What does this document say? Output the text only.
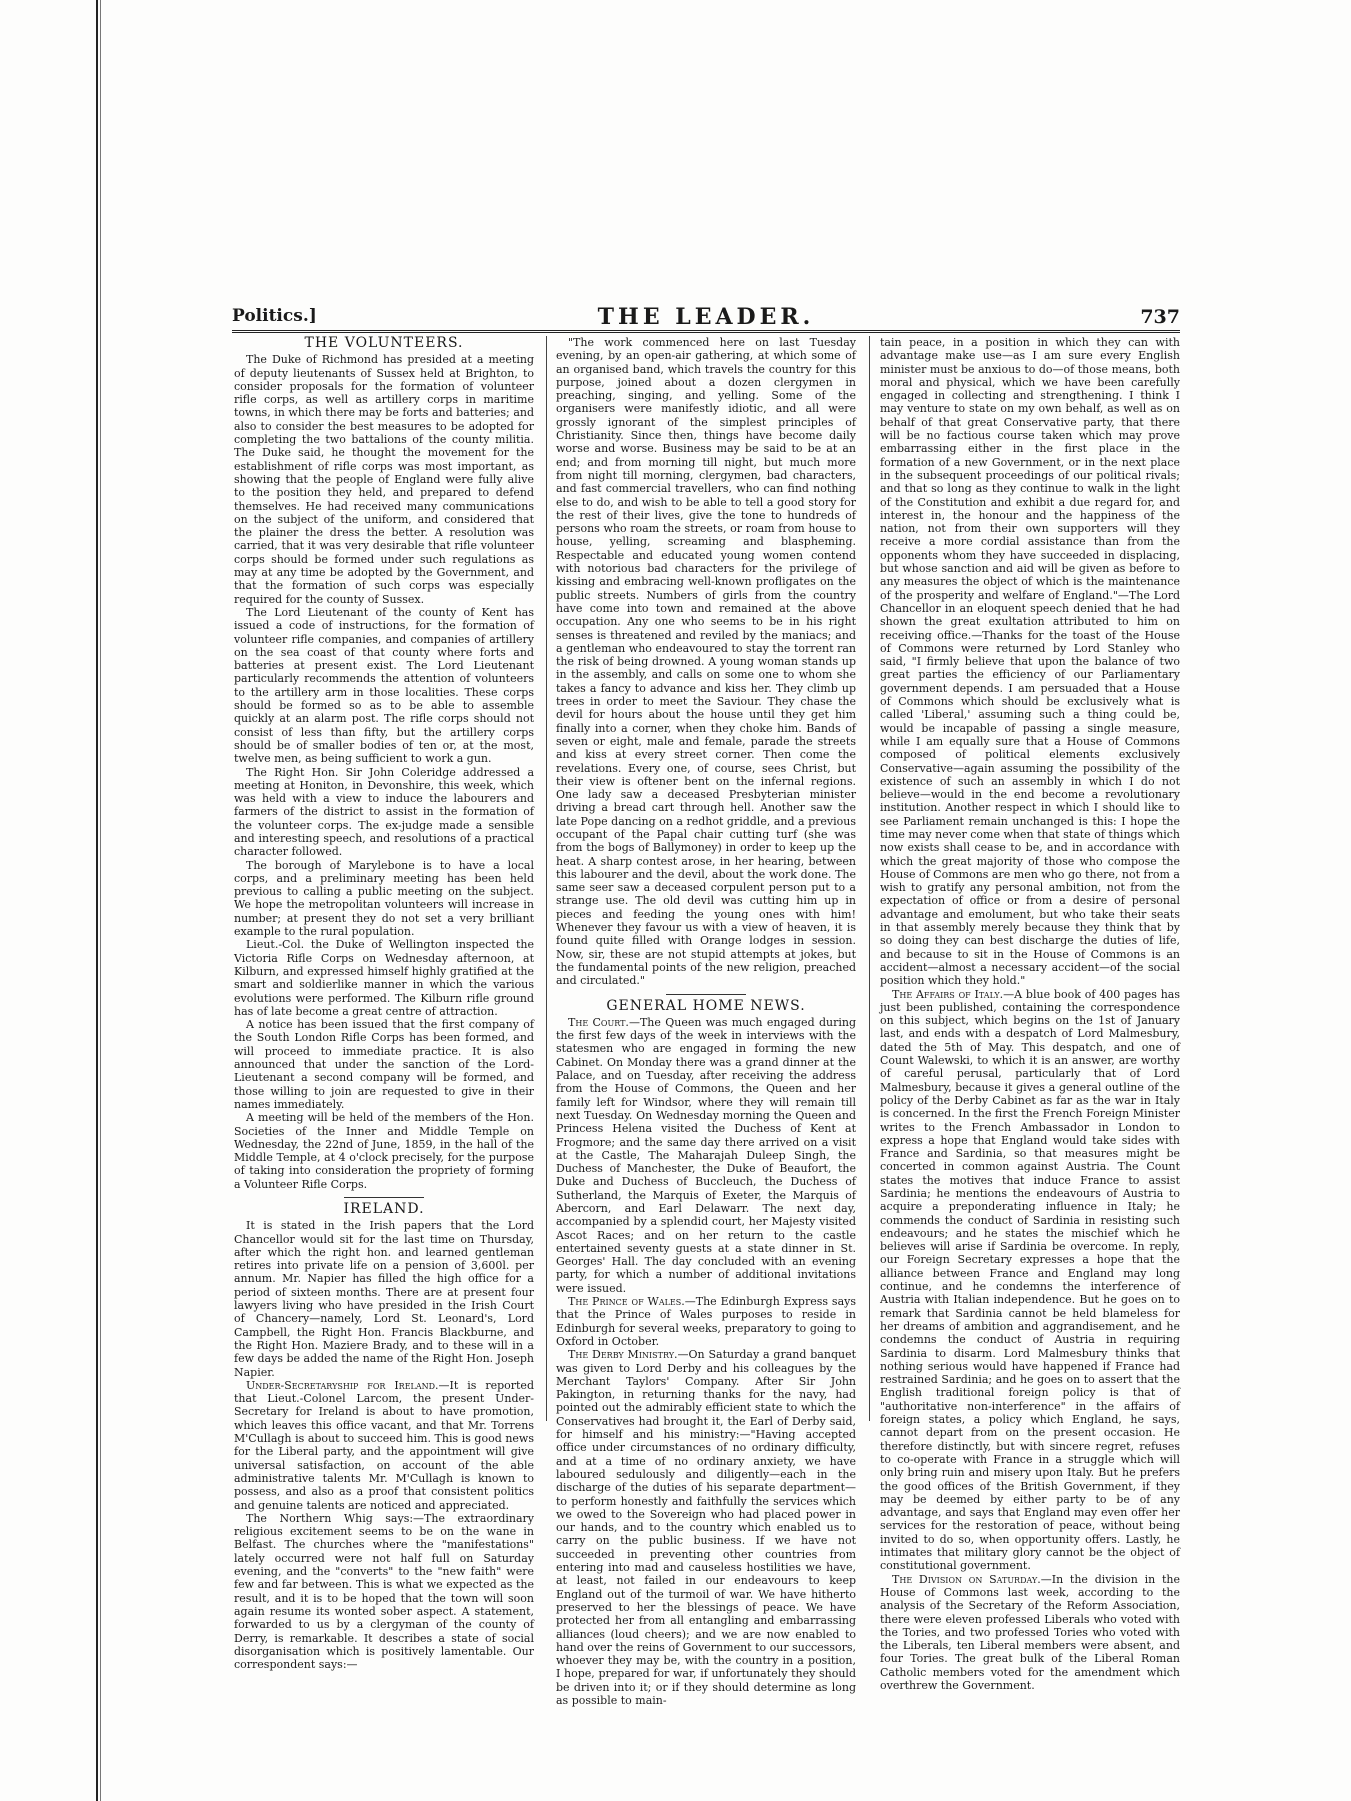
Politics.]	THE LEADER.	737
THE VOLUNTEERS.

The Duke of Richmond has presided at a meeting of deputy lieutenants of Sussex held at Brighton, to consider proposals for the formation of volunteer rifle corps, as well as artillery corps in maritime towns, in which there may be forts and batteries; and also to consider the best measures to be adopted for completing the two battalions of the county militia. The Duke said, he thought the movement for the establishment of rifle corps was most important, as showing that the people of England were fully alive to the position they held, and prepared to defend themselves. He had received many communications on the subject of the uniform, and considered that the plainer the dress the better. A resolution was carried, that it was very desirable that rifle volunteer corps should be formed under such regulations as may at any time be adopted by the Government, and that the formation of such corps was especially required for the county of Sussex.

The Lord Lieutenant of the county of Kent has issued a code of instructions, for the formation of volunteer rifle companies, and companies of artillery on the sea coast of that county where forts and batteries at present exist. The Lord Lieutenant particularly recommends the attention of volunteers to the artillery arm in those localities. These corps should be formed so as to be able to assemble quickly at an alarm post. The rifle corps should not consist of less than fifty, but the artillery corps should be of smaller bodies of ten or, at the most, twelve men, as being sufficient to work a gun.

The Right Hon. Sir John Coleridge addressed a meeting at Honiton, in Devonshire, this week, which was held with a view to induce the labourers and farmers of the district to assist in the formation of the volunteer corps. The ex-judge made a sensible and interesting speech, and resolutions of a practical character followed.

The borough of Marylebone is to have a local corps, and a preliminary meeting has been held previous to calling a public meeting on the subject. We hope the metropolitan volunteers will increase in number; at present they do not set a very brilliant example to the rural population.

Lieut.-Col. the Duke of Wellington inspected the Victoria Rifle Corps on Wednesday afternoon, at Kilburn, and expressed himself highly gratified at the smart and soldierlike manner in which the various evolutions were performed. The Kilburn rifle ground has of late become a great centre of attraction.

A notice has been issued that the first company of the South London Rifle Corps has been formed, and will proceed to immediate practice. It is also announced that under the sanction of the Lord-Lieutenant a second company will be formed, and those willing to join are requested to give in their names immediately.

A meeting will be held of the members of the Hon. Societies of the Inner and Middle Temple on Wednesday, the 22nd of June, 1859, in the hall of the Middle Temple, at 4 o'clock precisely, for the purpose of taking into consideration the propriety of forming a Volunteer Rifle Corps.

IRELAND.

It is stated in the Irish papers that the Lord Chancellor would sit for the last time on Thursday, after which the right hon. and learned gentleman retires into private life on a pension of 3,600l. per annum. Mr. Napier has filled the high office for a period of sixteen months. There are at present four lawyers living who have presided in the Irish Court of Chancery—namely, Lord St. Leonard's, Lord Campbell, the Right Hon. Francis Blackburne, and the Right Hon. Maziere Brady, and to these will in a few days be added the name of the Right Hon. Joseph Napier.

Under-Secretaryship for Ireland.—It is reported that Lieut.-Colonel Larcom, the present Under-Secretary for Ireland is about to have promotion, which leaves this office vacant, and that Mr. Torrens M'Cullagh is about to succeed him. This is good news for the Liberal party, and the appointment will give universal satisfaction, on account of the able administrative talents Mr. M'Cullagh is known to possess, and also as a proof that consistent politics and genuine talents are noticed and appreciated.

The Northern Whig says:—The extraordinary religious excitement seems to be on the wane in Belfast. The churches where the "manifestations" lately occurred were not half full on Saturday evening, and the "converts" to the "new faith" were few and far between. This is what we expected as the result, and it is to be hoped that the town will soon again resume its wonted sober aspect. A statement, forwarded to us by a clergyman of the county of Derry, is remarkable. It describes a state of social disorganisation which is positively lamentable. Our correspondent says:—

"The work commenced here on last Tuesday evening, by an open-air gathering, at which some of an organised band, which travels the country for this purpose, joined about a dozen clergymen in preaching, singing, and yelling. Some of the organisers were manifestly idiotic, and all were grossly ignorant of the simplest principles of Christianity. Since then, things have become daily worse and worse. Business may be said to be at an end; and from morning till night, but much more from night till morning, clergymen, bad characters, and fast commercial travellers, who can find nothing else to do, and wish to be able to tell a good story for the rest of their lives, give the tone to hundreds of persons who roam the streets, or roam from house to house, yelling, screaming and blaspheming. Respectable and educated young women contend with notorious bad characters for the privilege of kissing and embracing well-known profligates on the public streets. Numbers of girls from the country have come into town and remained at the above occupation. Any one who seems to be in his right senses is threatened and reviled by the maniacs; and a gentleman who endeavoured to stay the torrent ran the risk of being drowned. A young woman stands up in the assembly, and calls on some one to whom she takes a fancy to advance and kiss her. They climb up trees in order to meet the Saviour. They chase the devil for hours about the house until they get him finally into a corner, when they choke him. Bands of seven or eight, male and female, parade the streets and kiss at every street corner. Then come the revelations. Every one, of course, sees Christ, but their view is oftener bent on the infernal regions. One lady saw a deceased Presbyterian minister driving a bread cart through hell. Another saw the late Pope dancing on a redhot griddle, and a previous occupant of the Papal chair cutting turf (she was from the bogs of Ballymoney) in order to keep up the heat. A sharp contest arose, in her hearing, between this labourer and the devil, about the work done. The same seer saw a deceased corpulent person put to a strange use. The old devil was cutting him up in pieces and feeding the young ones with him! Whenever they favour us with a view of heaven, it is found quite filled with Orange lodges in session. Now, sir, these are not stupid attempts at jokes, but the fundamental points of the new religion, preached and circulated."

GENERAL HOME NEWS.

The Court.—The Queen was much engaged during the first few days of the week in interviews with the statesmen who are engaged in forming the new Cabinet. On Monday there was a grand dinner at the Palace, and on Tuesday, after receiving the address from the House of Commons, the Queen and her family left for Windsor, where they will remain till next Tuesday. On Wednesday morning the Queen and Princess Helena visited the Duchess of Kent at Frogmore; and the same day there arrived on a visit at the Castle, The Maharajah Duleep Singh, the Duchess of Manchester, the Duke of Beaufort, the Duke and Duchess of Buccleuch, the Duchess of Sutherland, the Marquis of Exeter, the Marquis of Abercorn, and Earl Delawarr. The next day, accompanied by a splendid court, her Majesty visited Ascot Races; and on her return to the castle entertained seventy guests at a state dinner in St. Georges' Hall. The day concluded with an evening party, for which a number of additional invitations were issued.

The Prince of Wales.—The Edinburgh Express says that the Prince of Wales purposes to reside in Edinburgh for several weeks, preparatory to going to Oxford in October.

The Derby Ministry.—On Saturday a grand banquet was given to Lord Derby and his colleagues by the Merchant Taylors' Company. After Sir John Pakington, in returning thanks for the navy, had pointed out the admirably efficient state to which the Conservatives had brought it, the Earl of Derby said, for himself and his ministry:—"Having accepted office under circumstances of no ordinary difficulty, and at a time of no ordinary anxiety, we have laboured sedulously and diligently—each in the discharge of the duties of his separate department—to perform honestly and faithfully the services which we owed to the Sovereign who had placed power in our hands, and to the country which enabled us to carry on the public business. If we have not succeeded in preventing other countries from entering into mad and causeless hostilities we have, at least, not failed in our endeavours to keep England out of the turmoil of war. We have hitherto preserved to her the blessings of peace. We have protected her from all entangling and embarrassing alliances (loud cheers); and we are now enabled to hand over the reins of Government to our successors, whoever they may be, with the country in a position, I hope, prepared for war, if unfortunately they should be driven into it; or if they should determine as long as possible to main-

tain peace, in a position in which they can with advantage make use—as I am sure every English minister must be anxious to do—of those means, both moral and physical, which we have been carefully engaged in collecting and strengthening. I think I may venture to state on my own behalf, as well as on behalf of that great Conservative party, that there will be no factious course taken which may prove embarrassing either in the first place in the formation of a new Government, or in the next place in the subsequent proceedings of our political rivals; and that so long as they continue to walk in the light of the Constitution and exhibit a due regard for, and interest in, the honour and the happiness of the nation, not from their own supporters will they receive a more cordial assistance than from the opponents whom they have succeeded in displacing, but whose sanction and aid will be given as before to any measures the object of which is the maintenance of the prosperity and welfare of England."—The Lord Chancellor in an eloquent speech denied that he had shown the great exultation attributed to him on receiving office.—Thanks for the toast of the House of Commons were returned by Lord Stanley who said, "I firmly believe that upon the balance of two great parties the efficiency of our Parliamentary government depends. I am persuaded that a House of Commons which should be exclusively what is called 'Liberal,' assuming such a thing could be, would be incapable of passing a single measure, while I am equally sure that a House of Commons composed of political elements exclusively Conservative—again assuming the possibility of the existence of such an assembly in which I do not believe—would in the end become a revolutionary institution. Another respect in which I should like to see Parliament remain unchanged is this: I hope the time may never come when that state of things which now exists shall cease to be, and in accordance with which the great majority of those who compose the House of Commons are men who go there, not from a wish to gratify any personal ambition, not from the expectation of office or from a desire of personal advantage and emolument, but who take their seats in that assembly merely because they think that by so doing they can best discharge the duties of life, and because to sit in the House of Commons is an accident—almost a necessary accident—of the social position which they hold."

The Affairs of Italy.—A blue book of 400 pages has just been published, containing the correspondence on this subject, which begins on the 1st of January last, and ends with a despatch of Lord Malmesbury, dated the 5th of May. This despatch, and one of Count Walewski, to which it is an answer, are worthy of careful perusal, particularly that of Lord Malmesbury, because it gives a general outline of the policy of the Derby Cabinet as far as the war in Italy is concerned. In the first the French Foreign Minister writes to the French Ambassador in London to express a hope that England would take sides with France and Sardinia, so that measures might be concerted in common against Austria. The Count states the motives that induce France to assist Sardinia; he mentions the endeavours of Austria to acquire a preponderating influence in Italy; he commends the conduct of Sardinia in resisting such endeavours; and he states the mischief which he believes will arise if Sardinia be overcome. In reply, our Foreign Secretary expresses a hope that the alliance between France and England may long continue, and he condemns the interference of Austria with Italian independence. But he goes on to remark that Sardinia cannot be held blameless for her dreams of ambition and aggrandisement, and he condemns the conduct of Austria in requiring Sardinia to disarm. Lord Malmesbury thinks that nothing serious would have happened if France had restrained Sardinia; and he goes on to assert that the English traditional foreign policy is that of "authoritative non-interference" in the affairs of foreign states, a policy which England, he says, cannot depart from on the present occasion. He therefore distinctly, but with sincere regret, refuses to co-operate with France in a struggle which will only bring ruin and misery upon Italy. But he prefers the good offices of the British Government, if they may be deemed by either party to be of any advantage, and says that England may even offer her services for the restoration of peace, without being invited to do so, when opportunity offers. Lastly, he intimates that military glory cannot be the object of constitutional government.

The Division on Saturday.—In the division in the House of Commons last week, according to the analysis of the Secretary of the Reform Association, there were eleven professed Liberals who voted with the Tories, and two professed Tories who voted with the Liberals, ten Liberal members were absent, and four Tories. The great bulk of the Liberal Roman Catholic members voted for the amendment which overthrew the Government.
